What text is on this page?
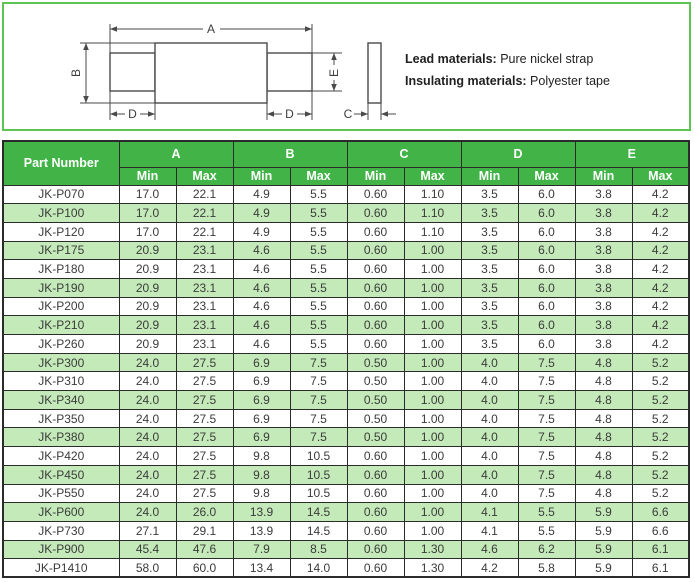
A
B	E
D	D	C
Lead materials: Pure nickel strap
Insulating materials: Polyester tape
Part Number	A		B		C		D		E	
	Min	Max	Min	Max	Min	Max	Min	Max	Min	Max
JK-P070	17.0	22.1	4.9	5.5	0.60	1.10	3.5	6.0	3.8	4.2
JK-P100	17.0	22.1	4.9	5.5	0.60	1.10	3.5	6.0	3.8	4.2
JK-P120	17.0	22.1	4.9	5.5	0.60	1.10	3.5	6.0	3.8	4.2
JK-P175	20.9	23.1	4.6	5.5	0.60	1.00	3.5	6.0	3.8	4.2
JK-P180	20.9	23.1	4.6	5.5	0.60	1.00	3.5	6.0	3.8	4.2
JK-P190	20.9	23.1	4.6	5.5	0.60	1.00	3.5	6.0	3.8	4.2
JK-P200	20.9	23.1	4.6	5.5	0.60	1.00	3.5	6.0	3.8	4.2
JK-P210	20.9	23.1	4.6	5.5	0.60	1.00	3.5	6.0	3.8	4.2
JK-P260	20.9	23.1	4.6	5.5	0.60	1.00	3.5	6.0	3.8	4.2
JK-P300	24.0	27.5	6.9	7.5	0.50	1.00	4.0	7.5	4.8	5.2
JK-P310	24.0	27.5	6.9	7.5	0.50	1.00	4.0	7.5	4.8	5.2
JK-P340	24.0	27.5	6.9	7.5	0.50	1.00	4.0	7.5	4.8	5.2
JK-P350	24.0	27.5	6.9	7.5	0.50	1.00	4.0	7.5	4.8	5.2
JK-P380	24.0	27.5	6.9	7.5	0.50	1.00	4.0	7.5	4.8	5.2
JK-P420	24.0	27.5	9.8	10.5	0.60	1.00	4.0	7.5	4.8	5.2
JK-P450	24.0	27.5	9.8	10.5	0.60	1.00	4.0	7.5	4.8	5.2
JK-P550	24.0	27.5	9.8	10.5	0.60	1.00	4.0	7.5	4.8	5.2
JK-P600	24.0	26.0	13.9	14.5	0.60	1.00	4.1	5.5	5.9	6.6
JK-P730	27.1	29.1	13.9	14.5	0.60	1.00	4.1	5.5	5.9	6.6
JK-P900	45.4	47.6	7.9	8.5	0.60	1.30	4.6	6.2	5.9	6.1
JK-P1410	58.0	60.0	13.4	14.0	0.60	1.30	4.2	5.8	5.9	6.1
